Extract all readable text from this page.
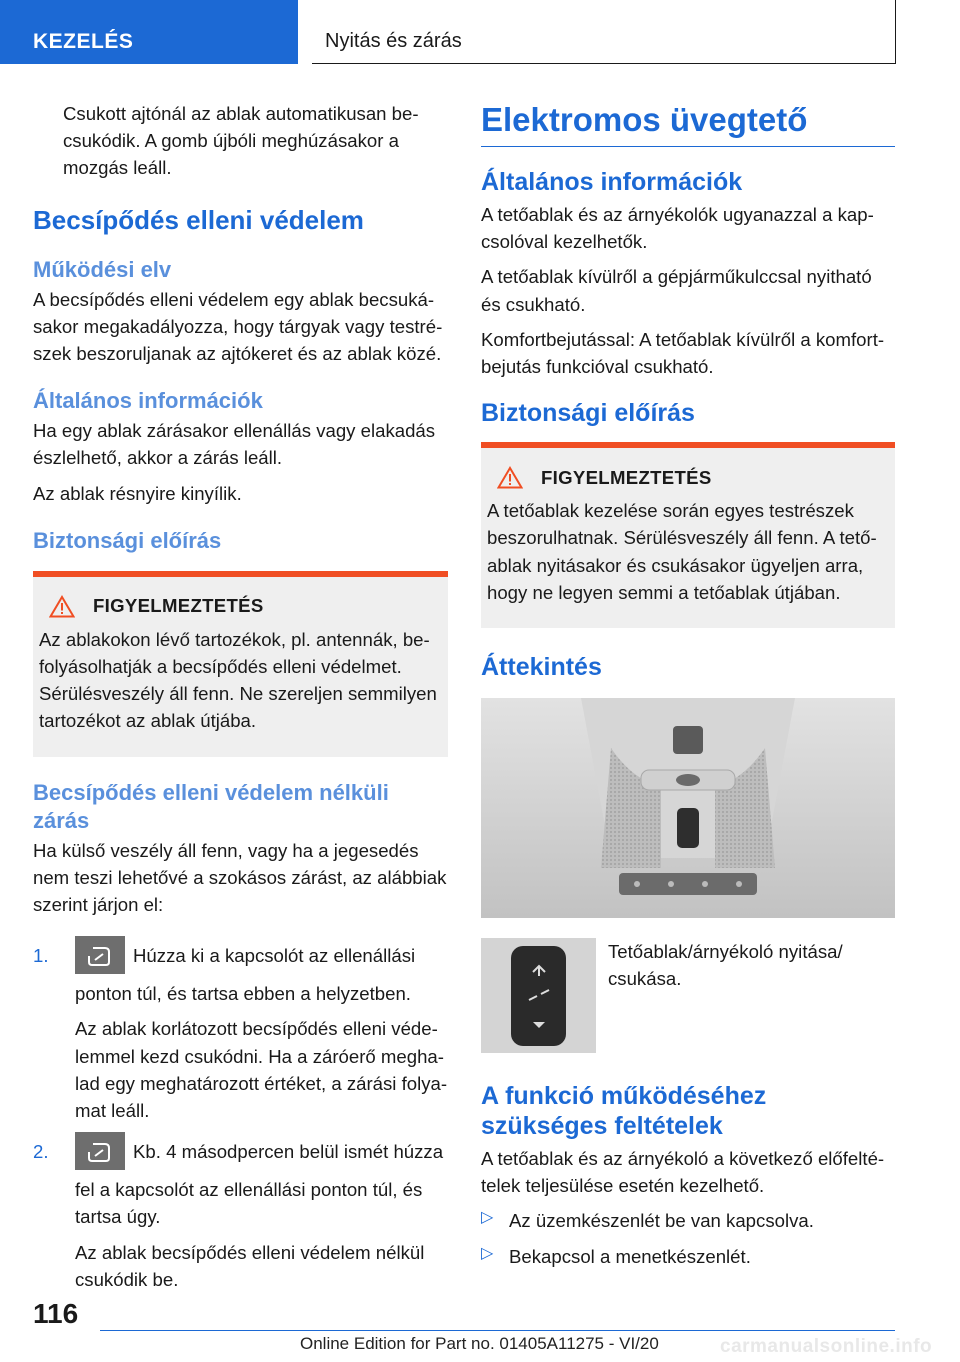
KEZELÉS	Nyitás és zárás

Csukott ajtónál az ablak automatikusan be- csukódik. A gomb újbóli meghúzásakor a mozgás leáll.

Becsípődés elleni védelem
Működési elv

A becsípődés elleni védelem egy ablak becsuká- sakor megakadályozza, hogy tárgyak vagy testré- szek beszoruljanak az ajtókeret és az ablak közé.

Általános információk

Ha egy ablak zárásakor ellenállás vagy elakadás észlelhető, akkor a zárás leáll.

Az ablak résnyire kinyílik.

Biztonsági előírás
FIGYELMEZTETÉS

Az ablakokon lévő tartozékok, pl. antennák, be- folyásolhatják a becsípődés elleni védelmet. Sérülésveszély áll fenn. Ne szereljen semmilyen tartozékot az ablak útjába.

Becsípődés elleni védelem nélküli zárás

Ha külső veszély áll fenn, vagy ha a jegesedés nem teszi lehetővé a szokásos zárást, az alábbiak szerint járjon el:

1.	Húzza ki a kapcsolót az ellenállási ponton túl, és tartsa ebben a helyzetben.

Az ablak korlátozott becsípődés elleni véde- lemmel kezd csukódni. Ha a záróerő megha- lad egy meghatározott értéket, a zárási folya- mat leáll.

2.	Kb. 4 másodpercen belül ismét húzza fel a kapcsolót az ellenállási ponton túl, és tartsa úgy.

Az ablak becsípődés elleni védelem nélkül csukódik be.

Elektromos üvegtető
Általános információk

A tetőablak és az árnyékolók ugyanazzal a kap- csolóval kezelhetők.

A tetőablak kívülről a gépjárműkulccsal nyitható és csukható.

Komfortbejutással: A tetőablak kívülről a komfort- bejutás funkcióval csukható.

Biztonsági előírás
FIGYELMEZTETÉS

A tetőablak kezelése során egyes testrészek beszorulhatnak. Sérülésveszély áll fenn. A tető- ablak nyitásakor és csukásakor ügyeljen arra, hogy ne legyen semmi a tetőablak útjában.

Áttekintés
Tetőablak/árnyékoló nyitása/ csukása.
A funkció működéséhez szükséges feltételek

A tetőablak és az árnyékoló a következő előfelté- telek teljesülése esetén kezelhető.

▷ Az üzemkészenlét be van kapcsolva.

▷ Bekapcsol a menetkészenlét.

116
Online Edition for Part no. 01405A11275 - VI/20	carmanualsonline.info
